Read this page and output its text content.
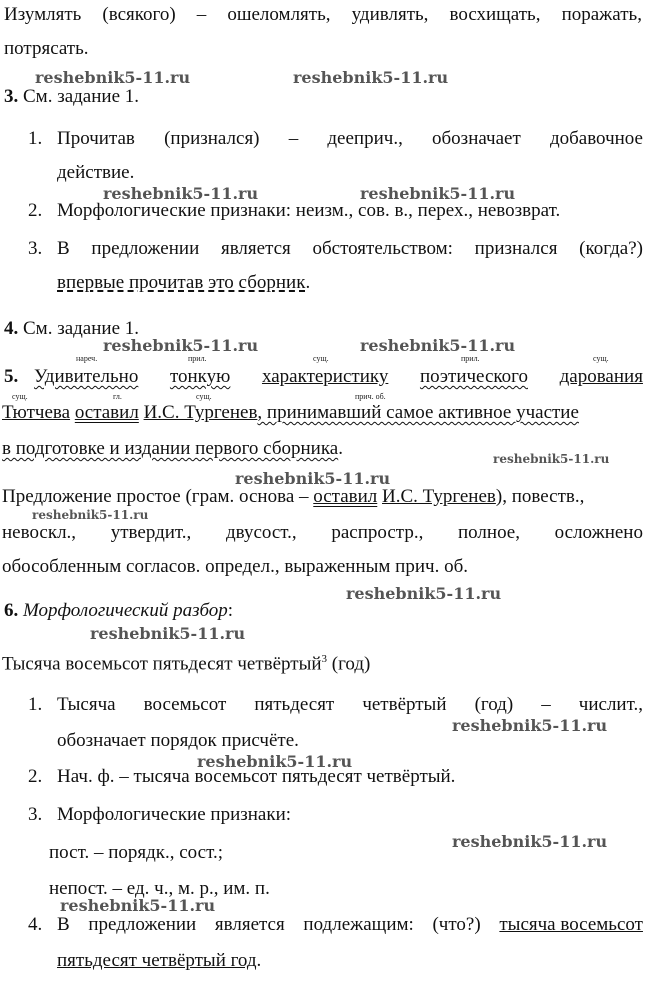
Изумлять (всякого) – ошеломлять, удивлять, восхищать, поражать,
потрясать.
reshebnik5-11.ru	reshebnik5-11.ru
3. См. задание 1.
1. Прочитав (признался) – дееприч., обозначает добавочное
действие.
reshebnik5-11.ru	reshebnik5-11.ru
2. Морфологические признаки: неизм., сов. в., перех., невозврат.
3. В предложении является обстоятельством: признался (когда?)
впервые прочитав это сборник.
4. См. задание 1.
reshebnik5-11.ru	reshebnik5-11.ru
нареч.	прил.	сущ.	прил.	сущ.
5. Удивительно тонкую характеристику поэтического дарования
сущ.	гл.	сущ.	прич. об.
Тютчева оставил И.С. Тургенев, принимавший самое активное участие
в подготовке и издании первого сборника.	reshebnik5-11.ru
reshebnik5-11.ru
Предложение простое (грам. основа – оставил И.С. Тургенев), повеств.,
reshebnik5-11.ru
невоскл., утвердит., двусост., распростр., полное, осложнено
обособленным согласов. определ., выраженным прич. об.
reshebnik5-11.ru
6. Морфологический разбор:
reshebnik5-11.ru
Тысяча восемьсот пятьдесят четвёртый$^3$ (год)
1. Тысяча восемьсот пятьдесят четвёртый (год) – числит.,
reshebnik5-11.ru
обозначает порядок присчёте.
reshebnik5-11.ru
2. Нач. ф. – тысяча восемьсот пятьдесят четвёртый.
3. Морфологические признаки:
reshebnik5-11.ru
пост. – порядк., сост.;
непост. – ед. ч., м. р., им. п.
reshebnik5-11.ru
4. В предложении является подлежащим: (что?) тысяча восемьсот
пятьдесят четвёртый год.
